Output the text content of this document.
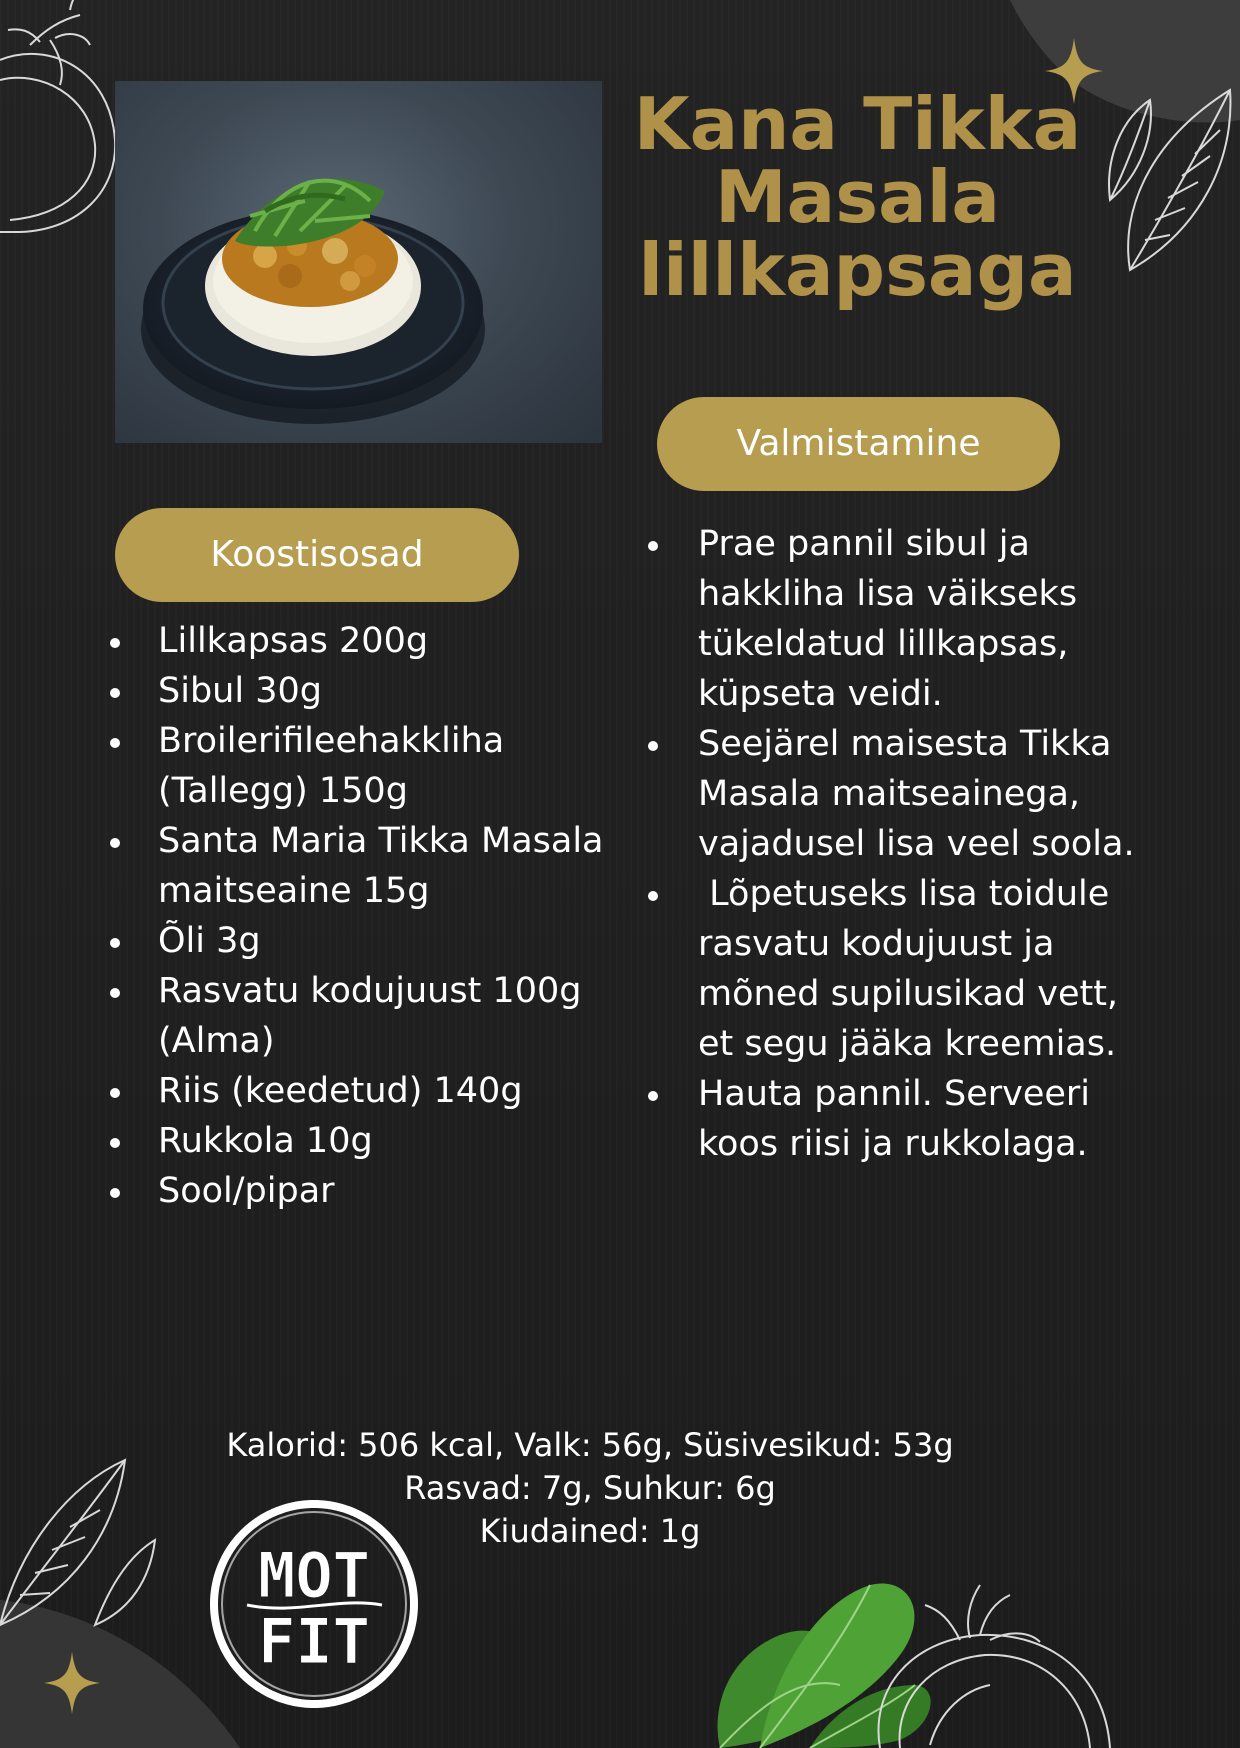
Kana Tikka Masala lillkapsaga
Valmistamine
Koostisosad
Lillkapsas 200g
Sibul 30g
Broilerifileehakkliha (Tallegg) 150g
Santa Maria Tikka Masala maitseaine 15g
Õli 3g
Rasvatu kodujuust 100g (Alma)
Riis (keedetud) 140g
Rukkola 10g
Sool/pipar
Prae pannil sibul ja hakkliha lisa väikseks tükeldatud lillkapsas, küpseta veidi.
Seejärel maisesta Tikka Masala maitseainega, vajadusel lisa veel soola.
Lõpetuseks lisa toidule rasvatu kodujuust ja mõned supilusikad vett, et segu jääka kreemias.
Hauta pannil. Serveeri koos riisi ja rukkolaga.
Kalorid: 506 kcal, Valk: 56g, Süsivesikud: 53g
Rasvad: 7g, Suhkur: 6g
Kiudained: 1g
MOT
FIT
